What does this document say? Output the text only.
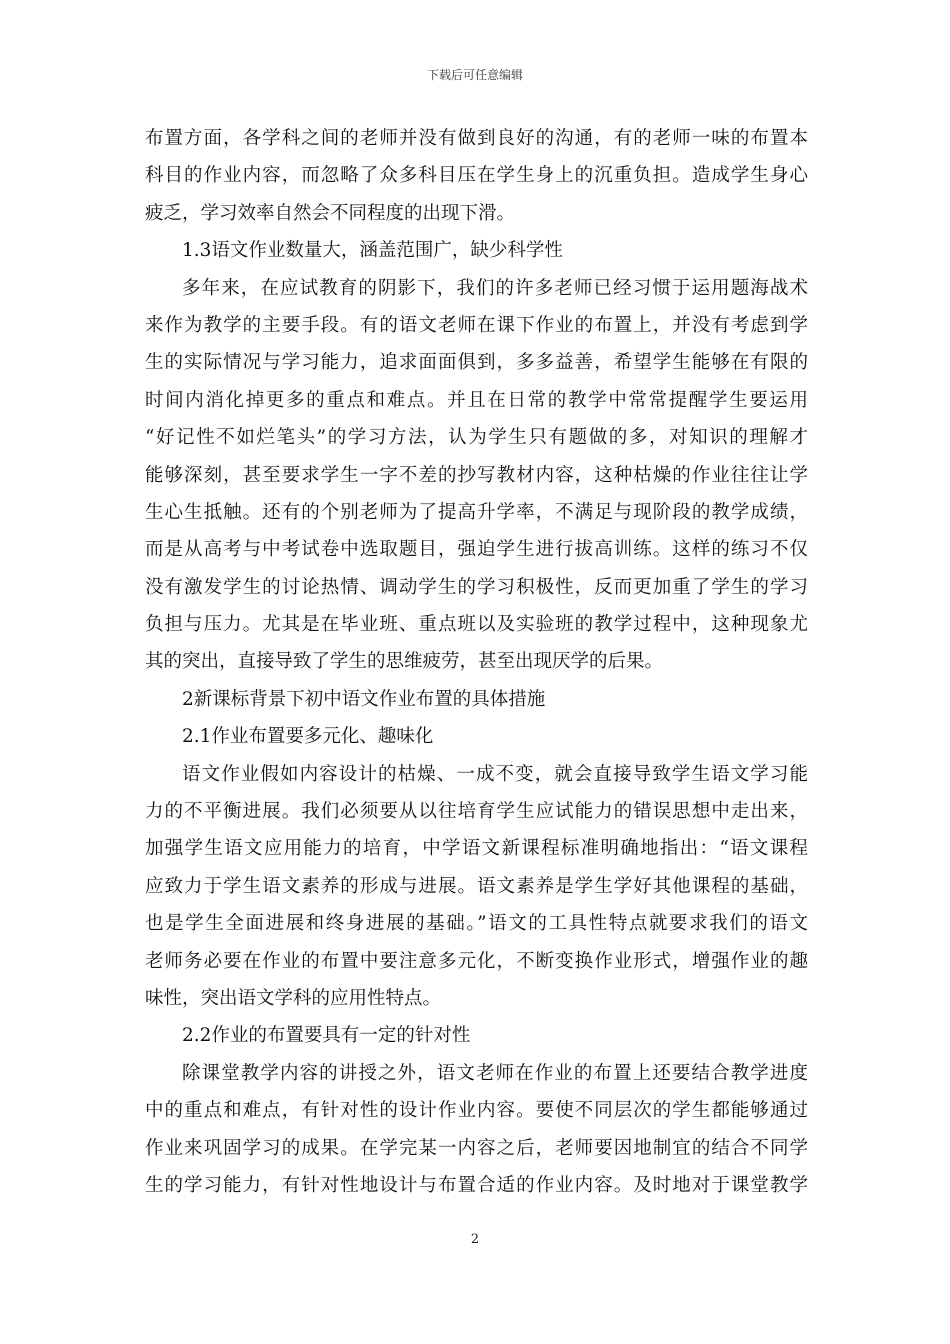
下载后可任意编辑
布置方面，各学科之间的老师并没有做到良好的沟通，有的老师一味的布置本
科目的作业内容，而忽略了众多科目压在学生身上的沉重负担。造成学生身心
疲乏，学习效率自然会不同程度的出现下滑。
1.3语文作业数量大，涵盖范围广，缺少科学性
多年来，在应试教育的阴影下，我们的许多老师已经习惯于运用题海战术
来作为教学的主要手段。有的语文老师在课下作业的布置上，并没有考虑到学
生的实际情况与学习能力，追求面面俱到，多多益善，希望学生能够在有限的
时间内消化掉更多的重点和难点。并且在日常的教学中常常提醒学生要运用
“好记性不如烂笔头”的学习方法，认为学生只有题做的多，对知识的理解才
能够深刻，甚至要求学生一字不差的抄写教材内容，这种枯燥的作业往往让学
生心生抵触。还有的个别老师为了提高升学率，不满足与现阶段的教学成绩，
而是从高考与中考试卷中选取题目，强迫学生进行拔高训练。这样的练习不仅
没有激发学生的讨论热情、调动学生的学习积极性，反而更加重了学生的学习
负担与压力。尤其是在毕业班、重点班以及实验班的教学过程中，这种现象尤
其的突出，直接导致了学生的思维疲劳，甚至出现厌学的后果。
2新课标背景下初中语文作业布置的具体措施
2.1作业布置要多元化、趣味化
语文作业假如内容设计的枯燥、一成不变，就会直接导致学生语文学习能
力的不平衡进展。我们必须要从以往培育学生应试能力的错误思想中走出来，
加强学生语文应用能力的培育，中学语文新课程标准明确地指出：“语文课程
应致力于学生语文素养的形成与进展。语文素养是学生学好其他课程的基础，
也是学生全面进展和终身进展的基础。”语文的工具性特点就要求我们的语文
老师务必要在作业的布置中要注意多元化，不断变换作业形式，增强作业的趣
味性，突出语文学科的应用性特点。
2.2作业的布置要具有一定的针对性
除课堂教学内容的讲授之外，语文老师在作业的布置上还要结合教学进度
中的重点和难点，有针对性的设计作业内容。要使不同层次的学生都能够通过
作业来巩固学习的成果。在学完某一内容之后，老师要因地制宜的结合不同学
生的学习能力，有针对性地设计与布置合适的作业内容。及时地对于课堂教学
2
